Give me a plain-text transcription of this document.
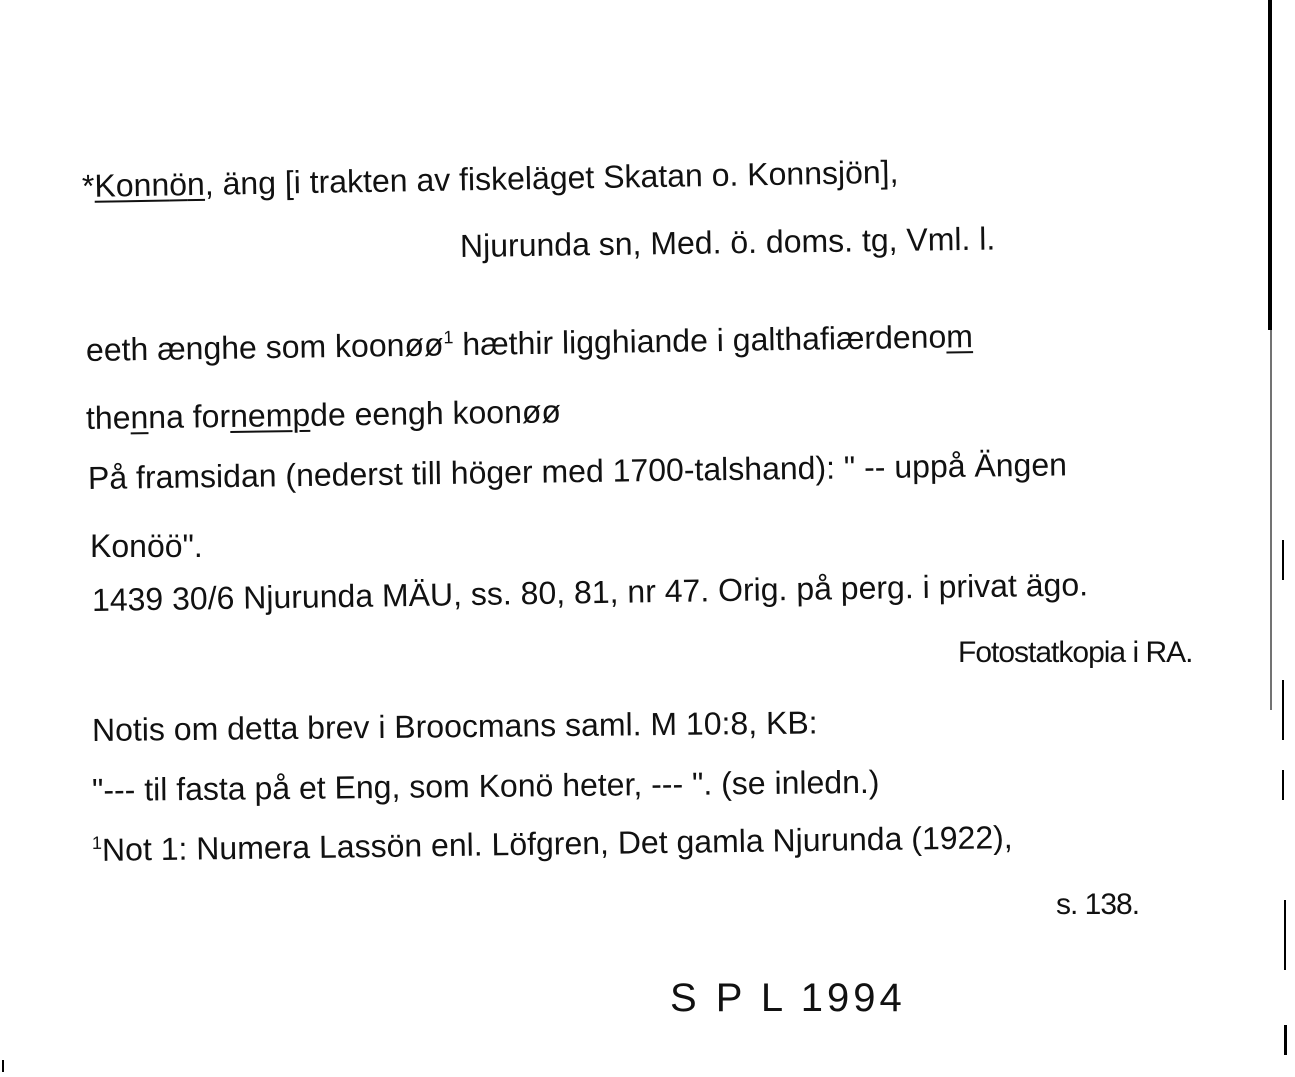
*Konnön, äng [i trakten av fiskeläget Skatan o. Konnsjön],
Njurunda sn, Med. ö. doms. tg, Vml. l.
eeth ænghe som koonøø$^1$ hæthir ligghiande i galthafiærdenom
thenna fornempde eengh koonøø
På framsidan (nederst till höger med 1700-talshand): " -- uppå Ängen
Konöö".
1439 30/6 Njurunda MÄU, ss. 80, 81, nr 47. Orig. på perg. i privat ägo.
Fotostatkopia i RA.
Notis om detta brev i Broocmans saml. M 10:8, KB:
"--- til fasta på et Eng, som Konö heter, --- ". (se inledn.)
$^1$Not 1: Numera Lassön enl. Löfgren, Det gamla Njurunda (1922),
s. 138.
S P L 1994
